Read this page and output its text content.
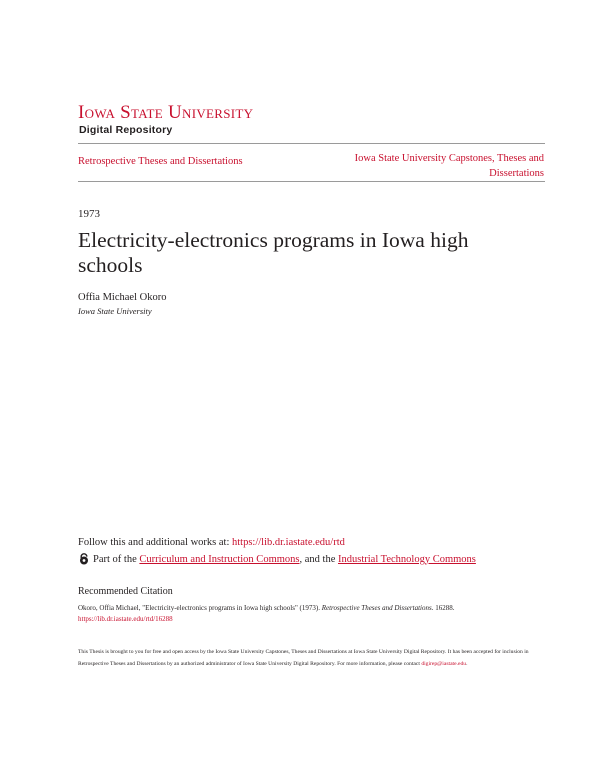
Iowa State University
Digital Repository
Retrospective Theses and Dissertations	Iowa State University Capstones, Theses and Dissertations
1973
Electricity-electronics programs in Iowa high schools
Offia Michael Okoro
Iowa State University
Follow this and additional works at: https://lib.dr.iastate.edu/rtd
Part of the Curriculum and Instruction Commons, and the Industrial Technology Commons
Recommended Citation
Okoro, Offia Michael, "Electricity-electronics programs in Iowa high schools" (1973). Retrospective Theses and Dissertations. 16288.
https://lib.dr.iastate.edu/rtd/16288
This Thesis is brought to you for free and open access by the Iowa State University Capstones, Theses and Dissertations at Iowa State University Digital Repository. It has been accepted for inclusion in Retrospective Theses and Dissertations by an authorized administrator of Iowa State University Digital Repository. For more information, please contact digirep@iastate.edu.
